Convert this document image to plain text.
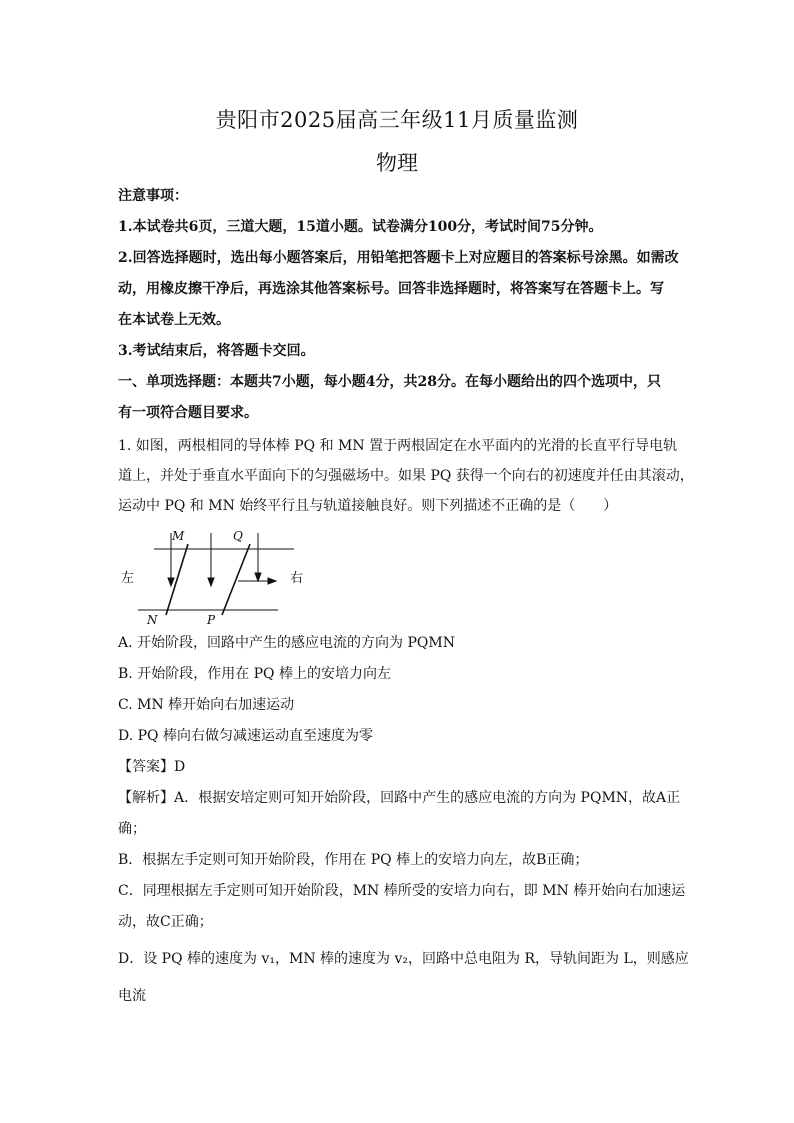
贵阳市2025届高三年级11月质量监测
物理
注意事项：
1.本试卷共6页，三道大题，15道小题。试卷满分100分，考试时间75分钟。
2.回答选择题时，选出每小题答案后，用铅笔把答题卡上对应题目的答案标号涂黑。如需改
动，用橡皮擦干净后，再选涂其他答案标号。回答非选择题时，将答案写在答题卡上。写
在本试卷上无效。
3.考试结束后，将答题卡交回。
一、单项选择题：本题共7小题，每小题4分，共28分。在每小题给出的四个选项中，只
有一项符合题目要求。
1. 如图，两根相同的导体棒 PQ 和 MN 置于两根固定在水平面内的光滑的长直平行导电轨
道上，并处于垂直水平面向下的匀强磁场中。如果 PQ 获得一个向右的初速度并任由其滚动，
运动中 PQ 和 MN 始终平行且与轨道接触良好。则下列描述不正确的是（　　）
M	Q
N	P
左	右
A. 开始阶段，回路中产生的感应电流的方向为 PQMN
B. 开始阶段，作用在 PQ 棒上的安培力向左
C. MN 棒开始向右加速运动
D. PQ 棒向右做匀减速运动直至速度为零
【答案】D
【解析】A．根据安培定则可知开始阶段，回路中产生的感应电流的方向为 PQMN，故A正
确；
B．根据左手定则可知开始阶段，作用在 PQ 棒上的安培力向左，故B正确；
C．同理根据左手定则可知开始阶段，MN 棒所受的安培力向右，即 MN 棒开始向右加速运
动，故C正确；
D．设 PQ 棒的速度为 v₁，MN 棒的速度为 v₂，回路中总电阻为 R，导轨间距为 L，则感应
电流
